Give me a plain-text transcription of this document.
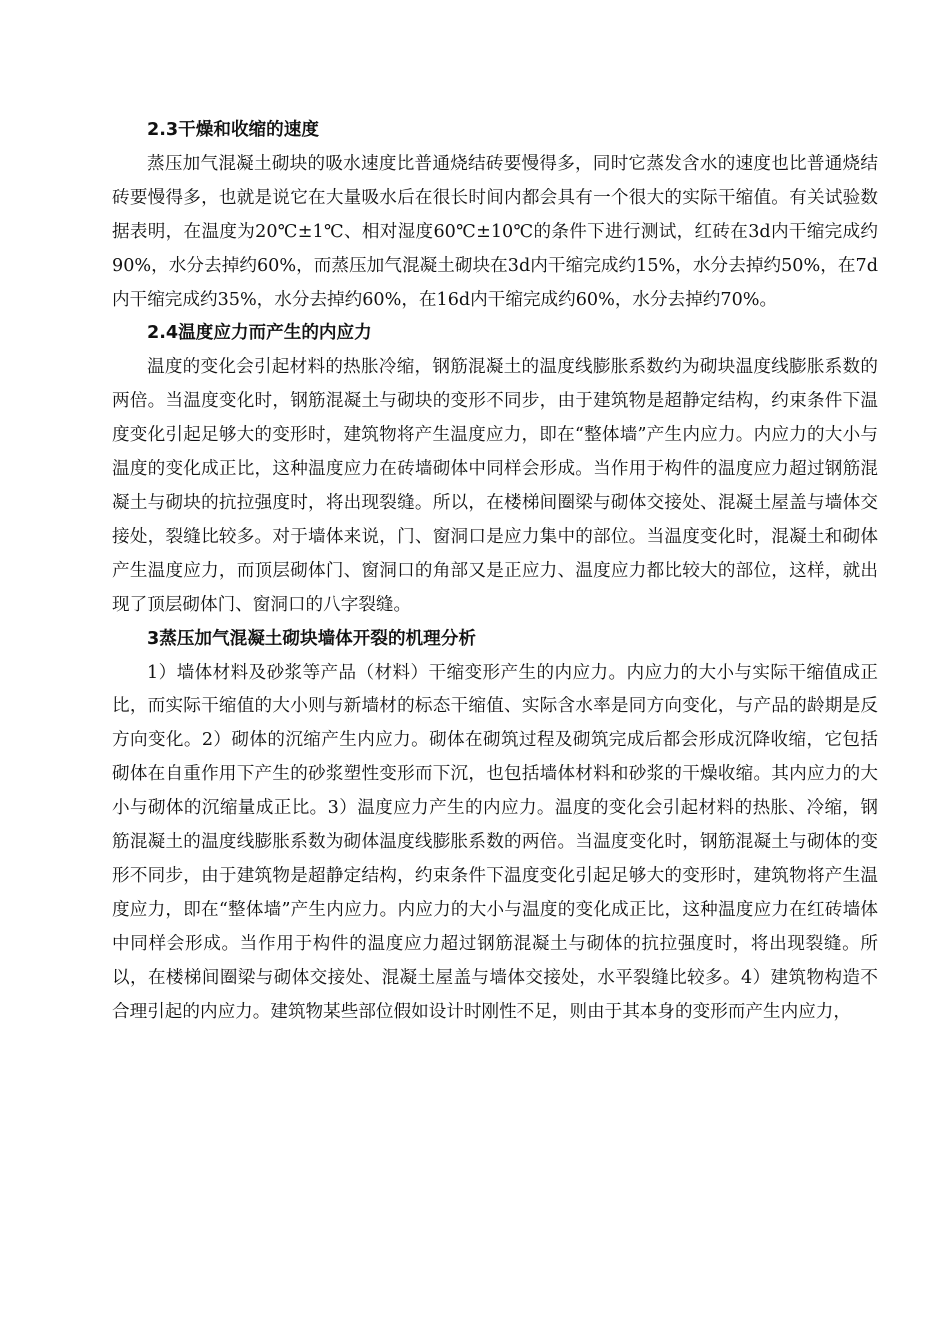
2.3干燥和收缩的速度

蒸压加气混凝土砌块的吸水速度比普通烧结砖要慢得多，同时它蒸发含水的速度也比普通烧结砖要慢得多，也就是说它在大量吸水后在很长时间内都会具有一个很大的实际干缩值。有关试验数据表明，在温度为20℃±1℃、相对湿度60℃±10℃的条件下进行测试，红砖在3d内干缩完成约90%，水分去掉约60%，而蒸压加气混凝土砌块在3d内干缩完成约15%，水分去掉约50%，在7d内干缩完成约35%，水分去掉约60%，在16d内干缩完成约60%，水分去掉约70%。

2.4温度应力而产生的内应力

温度的变化会引起材料的热胀冷缩，钢筋混凝土的温度线膨胀系数约为砌块温度线膨胀系数的两倍。当温度变化时，钢筋混凝土与砌块的变形不同步，由于建筑物是超静定结构，约束条件下温度变化引起足够大的变形时，建筑物将产生温度应力，即在“整体墙”产生内应力。内应力的大小与温度的变化成正比，这种温度应力在砖墙砌体中同样会形成。当作用于构件的温度应力超过钢筋混凝土与砌块的抗拉强度时，将出现裂缝。所以，在楼梯间圈梁与砌体交接处、混凝土屋盖与墙体交接处，裂缝比较多。对于墙体来说，门、窗洞口是应力集中的部位。当温度变化时，混凝土和砌体产生温度应力，而顶层砌体门、窗洞口的角部又是正应力、温度应力都比较大的部位，这样，就出现了顶层砌体门、窗洞口的八字裂缝。

3蒸压加气混凝土砌块墙体开裂的机理分析

1）墙体材料及砂浆等产品（材料）干缩变形产生的内应力。内应力的大小与实际干缩值成正比，而实际干缩值的大小则与新墙材的标态干缩值、实际含水率是同方向变化，与产品的龄期是反方向变化。2）砌体的沉缩产生内应力。砌体在砌筑过程及砌筑完成后都会形成沉降收缩，它包括砌体在自重作用下产生的砂浆塑性变形而下沉，也包括墙体材料和砂浆的干燥收缩。其内应力的大小与砌体的沉缩量成正比。3）温度应力产生的内应力。温度的变化会引起材料的热胀、冷缩，钢筋混凝土的温度线膨胀系数为砌体温度线膨胀系数的两倍。当温度变化时，钢筋混凝土与砌体的变形不同步，由于建筑物是超静定结构，约束条件下温度变化引起足够大的变形时，建筑物将产生温度应力，即在“整体墙”产生内应力。内应力的大小与温度的变化成正比，这种温度应力在红砖墙体中同样会形成。当作用于构件的温度应力超过钢筋混凝土与砌体的抗拉强度时，将出现裂缝。所以，在楼梯间圈梁与砌体交接处、混凝土屋盖与墙体交接处，水平裂缝比较多。4）建筑物构造不合理引起的内应力。建筑物某些部位假如设计时刚性不足，则由于其本身的变形而产生内应力，
